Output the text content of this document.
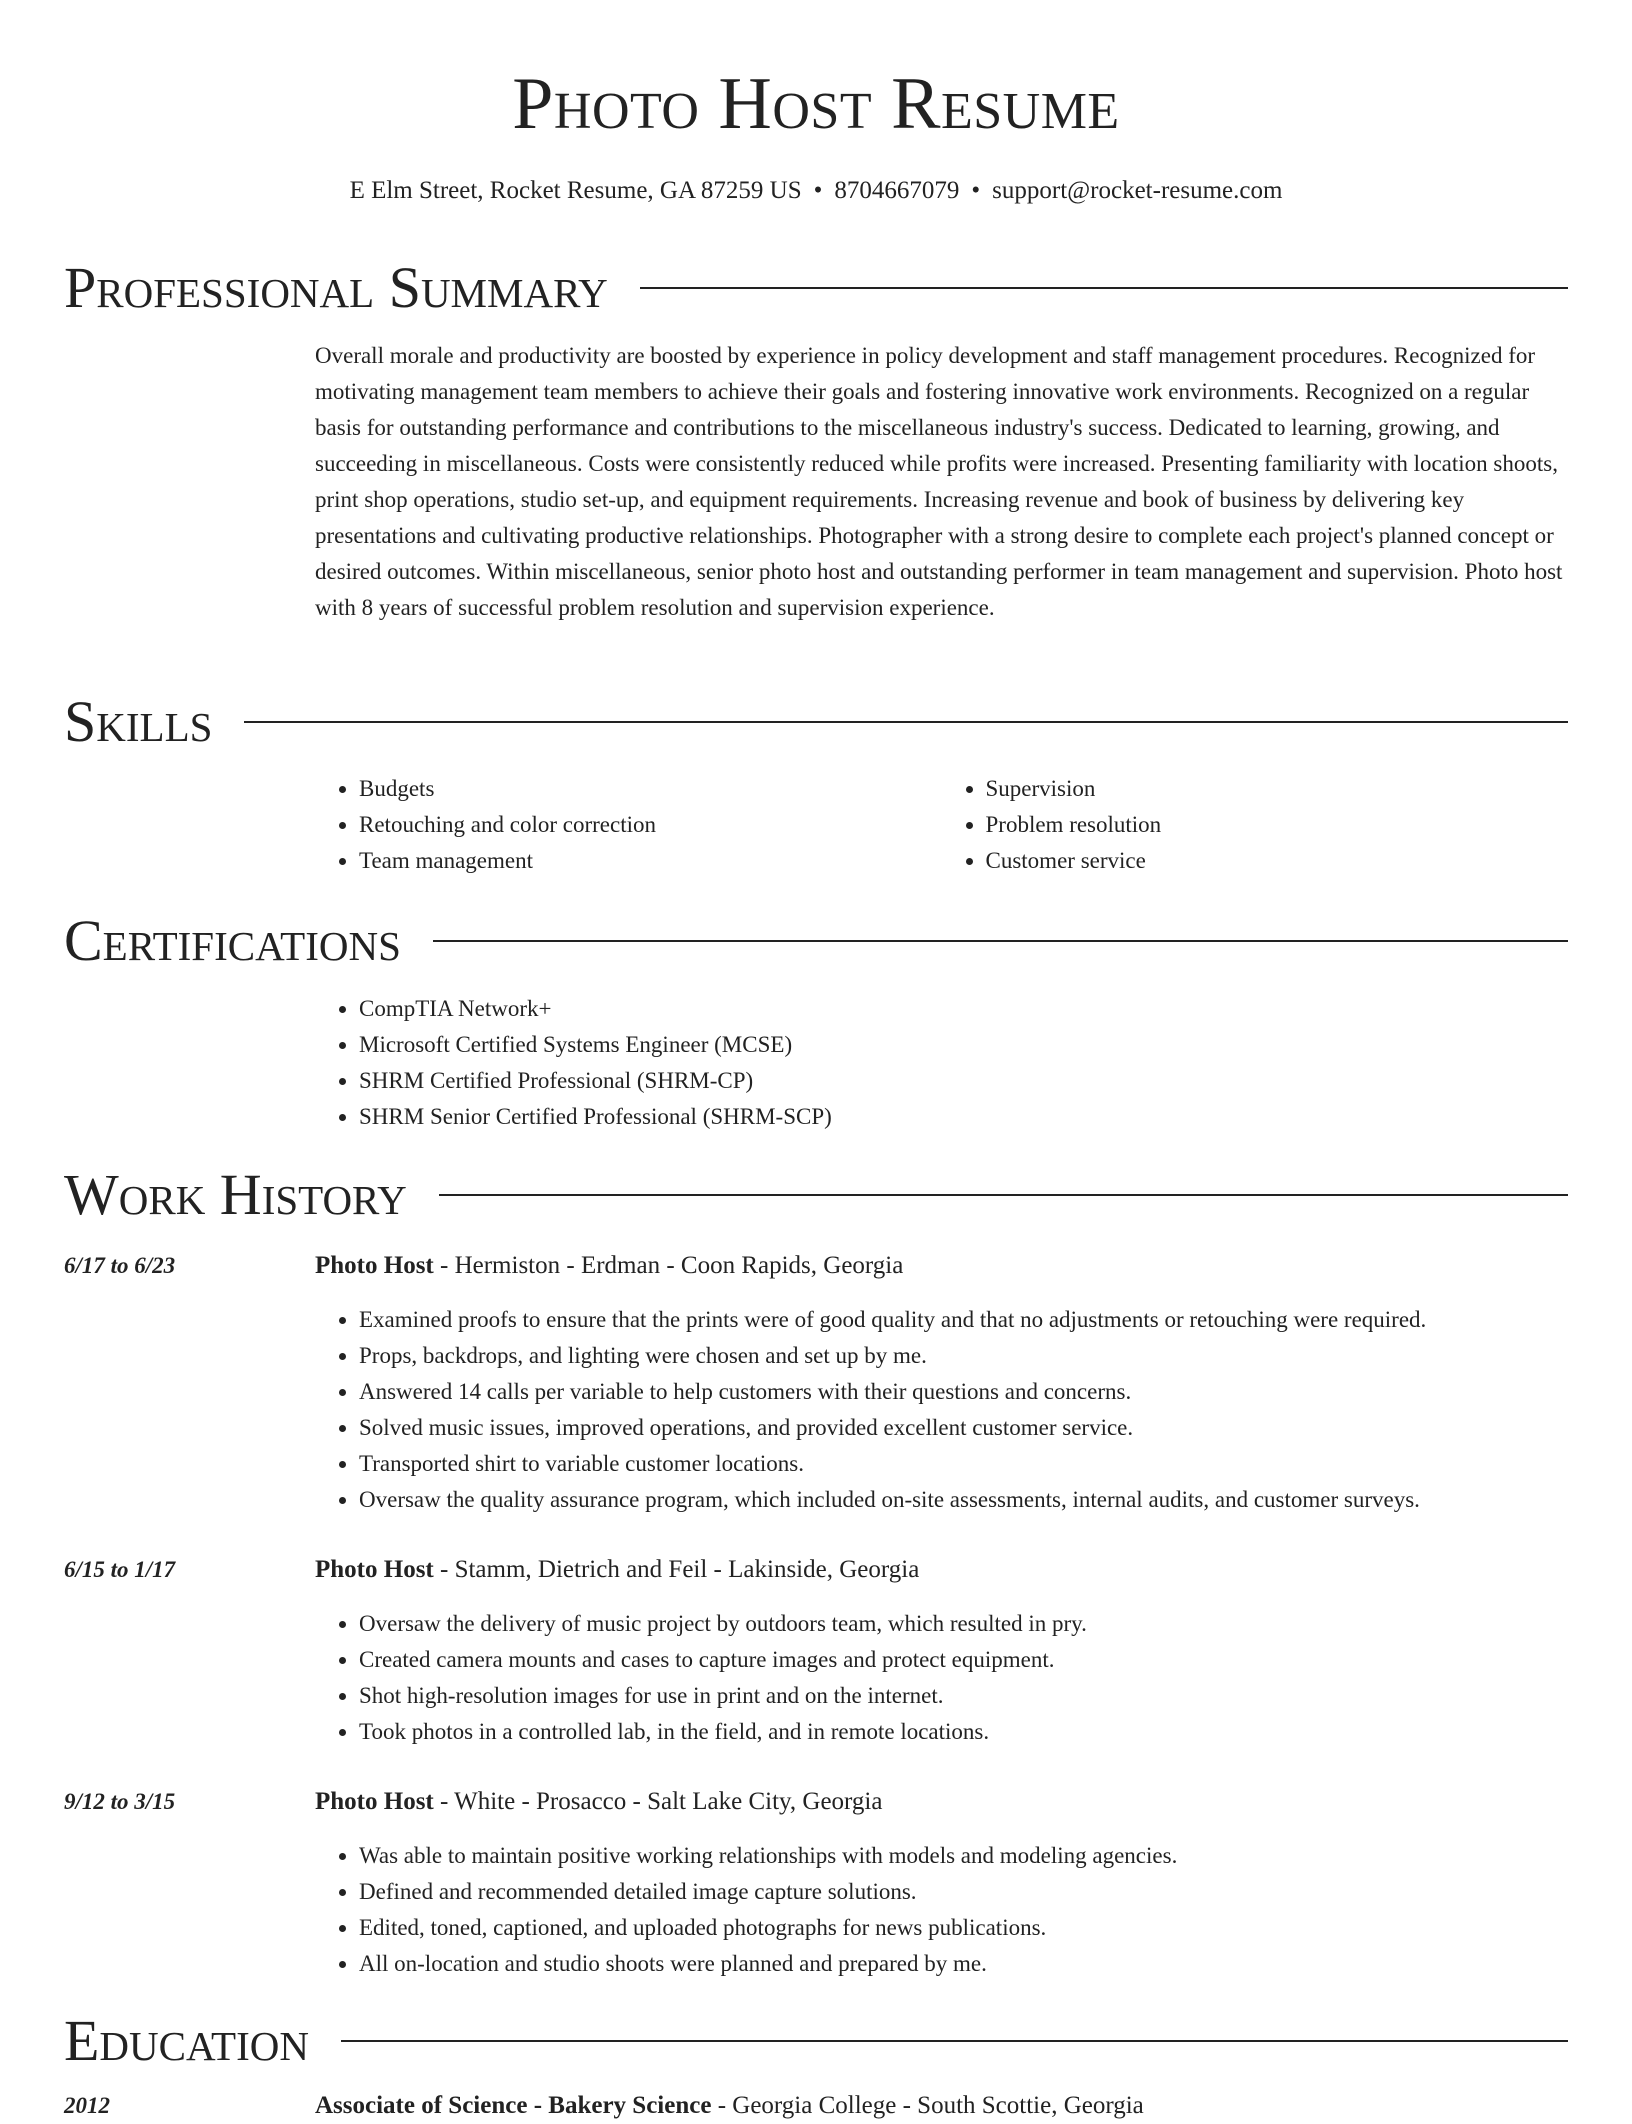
Photo Host Resume
E Elm Street, Rocket Resume, GA 87259 US • 8704667079 • support@rocket-resume.com
Professional Summary

Overall morale and productivity are boosted by experience in policy development and staff management procedures. Recognized for motivating management team members to achieve their goals and fostering innovative work environments. Recognized on a regular basis for outstanding performance and contributions to the miscellaneous industry's success. Dedicated to learning, growing, and succeeding in miscellaneous. Costs were consistently reduced while profits were increased. Presenting familiarity with location shoots, print shop operations, studio set-up, and equipment requirements. Increasing revenue and book of business by delivering key presentations and cultivating productive relationships. Photographer with a strong desire to complete each project's planned concept or desired outcomes. Within miscellaneous, senior photo host and outstanding performer in team management and supervision. Photo host with 8 years of successful problem resolution and supervision experience.

Skills
• Budgets
• Retouching and color correction
• Team management
• Supervision
• Problem resolution
• Customer service
Certifications
• CompTIA Network+
• Microsoft Certified Systems Engineer (MCSE)
• SHRM Certified Professional (SHRM-CP)
• SHRM Senior Certified Professional (SHRM-SCP)
Work History
6/17 to 6/23	Photo Host - Hermiston - Erdman - Coon Rapids, Georgia
• Examined proofs to ensure that the prints were of good quality and that no adjustments or retouching were required.
• Props, backdrops, and lighting were chosen and set up by me.
• Answered 14 calls per variable to help customers with their questions and concerns.
• Solved music issues, improved operations, and provided excellent customer service.
• Transported shirt to variable customer locations.
• Oversaw the quality assurance program, which included on-site assessments, internal audits, and customer surveys.
6/15 to 1/17	Photo Host - Stamm, Dietrich and Feil - Lakinside, Georgia
• Oversaw the delivery of music project by outdoors team, which resulted in pry.
• Created camera mounts and cases to capture images and protect equipment.
• Shot high-resolution images for use in print and on the internet.
• Took photos in a controlled lab, in the field, and in remote locations.
9/12 to 3/15	Photo Host - White - Prosacco - Salt Lake City, Georgia
• Was able to maintain positive working relationships with models and modeling agencies.
• Defined and recommended detailed image capture solutions.
• Edited, toned, captioned, and uploaded photographs for news publications.
• All on-location and studio shoots were planned and prepared by me.
Education
2012	Associate of Science - Bakery Science - Georgia College - South Scottie, Georgia
